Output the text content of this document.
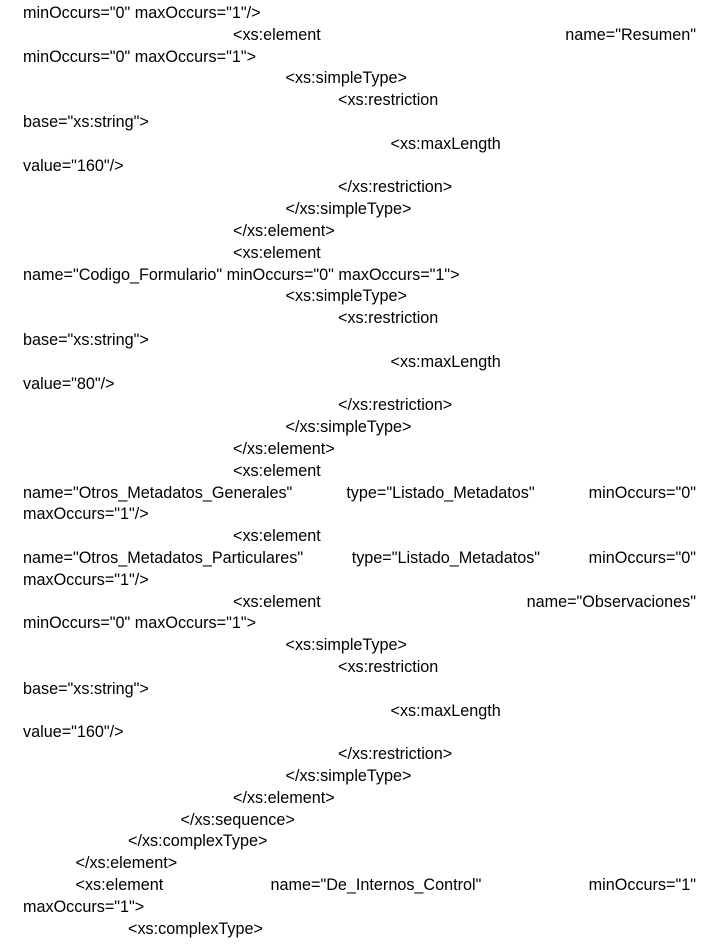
minOccurs="0" maxOccurs="1"/>
<xs:element	name="Resumen"
minOccurs="0" maxOccurs="1">
<xs:simpleType>
<xs:restriction
base="xs:string">
<xs:maxLength
value="160"/>
</xs:restriction>
</xs:simpleType>
</xs:element>
<xs:element
name="Codigo_Formulario" minOccurs="0" maxOccurs="1">
<xs:simpleType>
<xs:restriction
base="xs:string">
<xs:maxLength
value="80"/>
</xs:restriction>
</xs:simpleType>
</xs:element>
<xs:element
name="Otros_Metadatos_Generales"	type="Listado_Metadatos"	minOccurs="0"
maxOccurs="1"/>
<xs:element
name="Otros_Metadatos_Particulares"	type="Listado_Metadatos"	minOccurs="0"
maxOccurs="1"/>
<xs:element	name="Observaciones"
minOccurs="0" maxOccurs="1">
<xs:simpleType>
<xs:restriction
base="xs:string">
<xs:maxLength
value="160"/>
</xs:restriction>
</xs:simpleType>
</xs:element>
</xs:sequence>
</xs:complexType>
</xs:element>
<xs:element	name="De_Internos_Control"	minOccurs="1"
maxOccurs="1">
<xs:complexType>
